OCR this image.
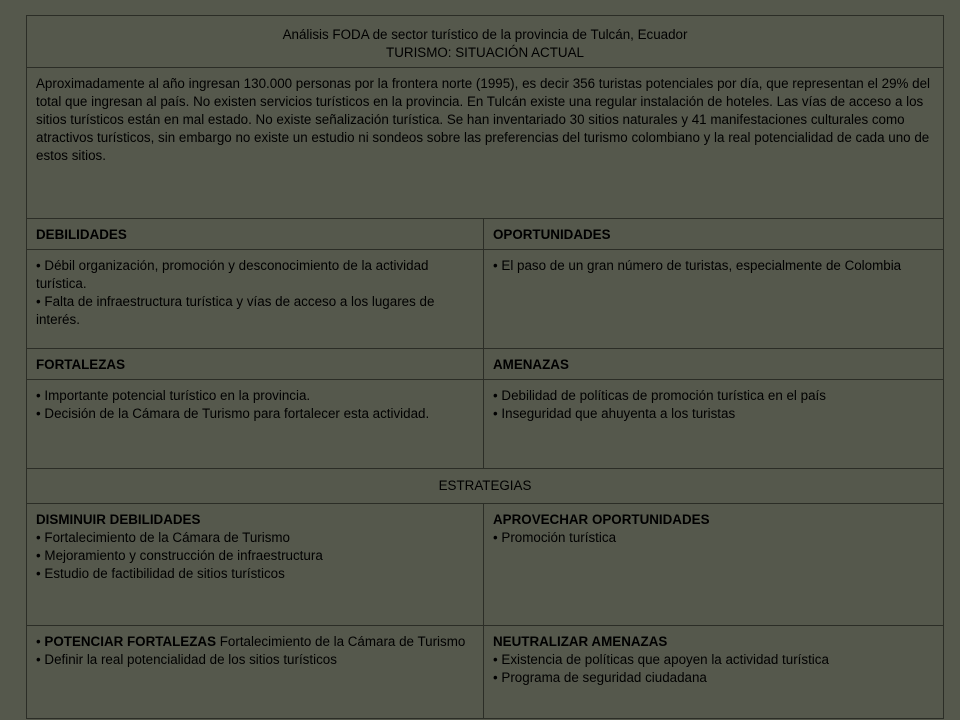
Análisis FODA de sector turístico de la provincia de Tulcán, Ecuador
TURISMO: SITUACIÓN ACTUAL	

Aproximadamente al año ingresan 130.000 personas por la frontera norte (1995), es decir 356 turistas potenciales por día, que representan el 29% del total que ingresan al país. No existen servicios turísticos en la provincia. En Tulcán existe una regular instalación de hoteles. Las vías de acceso a los sitios turísticos están en mal estado. No existe señalización turística. Se han inventariado 30 sitios naturales y 41 manifestaciones culturales como atractivos turísticos, sin embargo no existe un estudio ni sondeos sobre las preferencias del turismo colombiano y la real potencialidad de cada uno de estos sitios.	
DEBILIDADES	OPORTUNIDADES

• Débil organización, promoción y desconocimiento de la actividad turística.
• Falta de infraestructura turística y vías de acceso a los lugares de interés.	• El paso de un gran número de turistas, especialmente de Colombia

FORTALEZAS	AMENAZAS

• Importante potencial turístico en la provincia.
• Decisión de la Cámara de Turismo para fortalecer esta actividad.	• Debilidad de políticas de promoción turística en el país
• Inseguridad que ahuyenta a los turistas

ESTRATEGIAS	

DISMINUIR DEBILIDADES
• Fortalecimiento de la Cámara de Turismo
• Mejoramiento y construcción de infraestructura
• Estudio de factibilidad de sitios turísticos	APROVECHAR OPORTUNIDADES
• Promoción turística

• POTENCIAR FORTALEZAS Fortalecimiento de la Cámara de Turismo
• Definir la real potencialidad de los sitios turísticos	NEUTRALIZAR AMENAZAS
• Existencia de políticas que apoyen la actividad turística
• Programa de seguridad ciudadana
